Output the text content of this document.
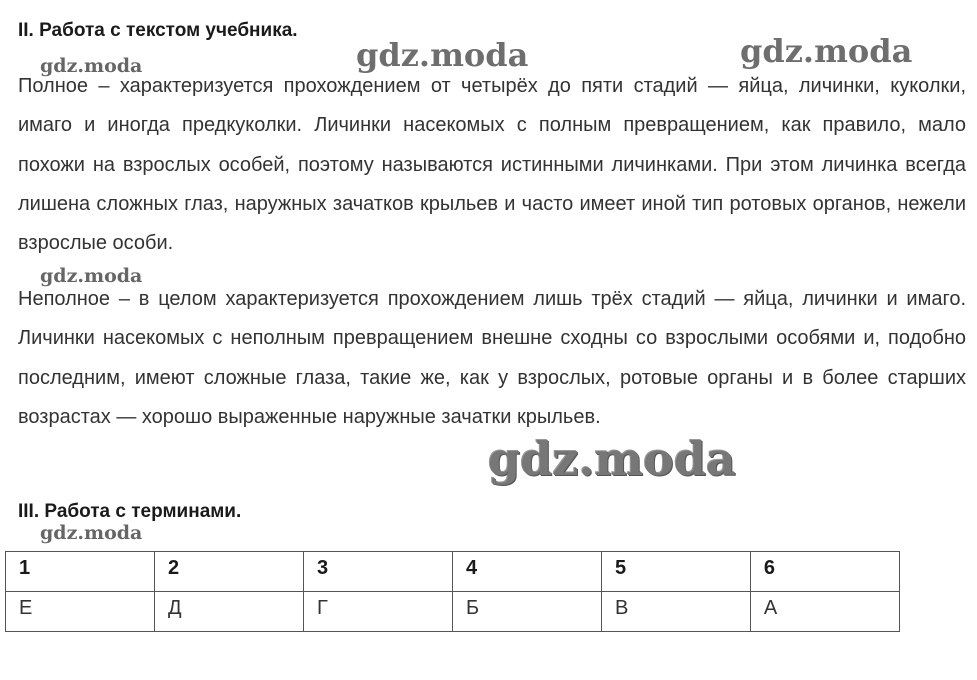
II. Работа с текстом учебника.
gdz.moda	gdz.moda
gdz.moda
gdz.moda
gdz.moda
gdz.moda
Полное – характеризуется прохождением от четырёх до пяти стадий — яйца, личинки, куколки, имаго и иногда предкуколки. Личинки насекомых с полным превращением, как правило, мало похожи на взрослых особей, поэтому называются истинными личинками. При этом личинка всегда лишена сложных глаз, наружных зачатков крыльев и часто имеет иной тип ротовых органов, нежели взрослые особи.
Неполное – в целом характеризуется прохождением лишь трёх стадий — яйца, личинки и имаго. Личинки насекомых с неполным превращением внешне сходны со взрослыми особями и, подобно последним, имеют сложные глаза, такие же, как у взрослых, ротовые органы и в более старших возрастах — хорошо выраженные наружные зачатки крыльев.
III. Работа с терминами.
1	2	3	4	5	6
Е	Д	Г	Б	В	А
